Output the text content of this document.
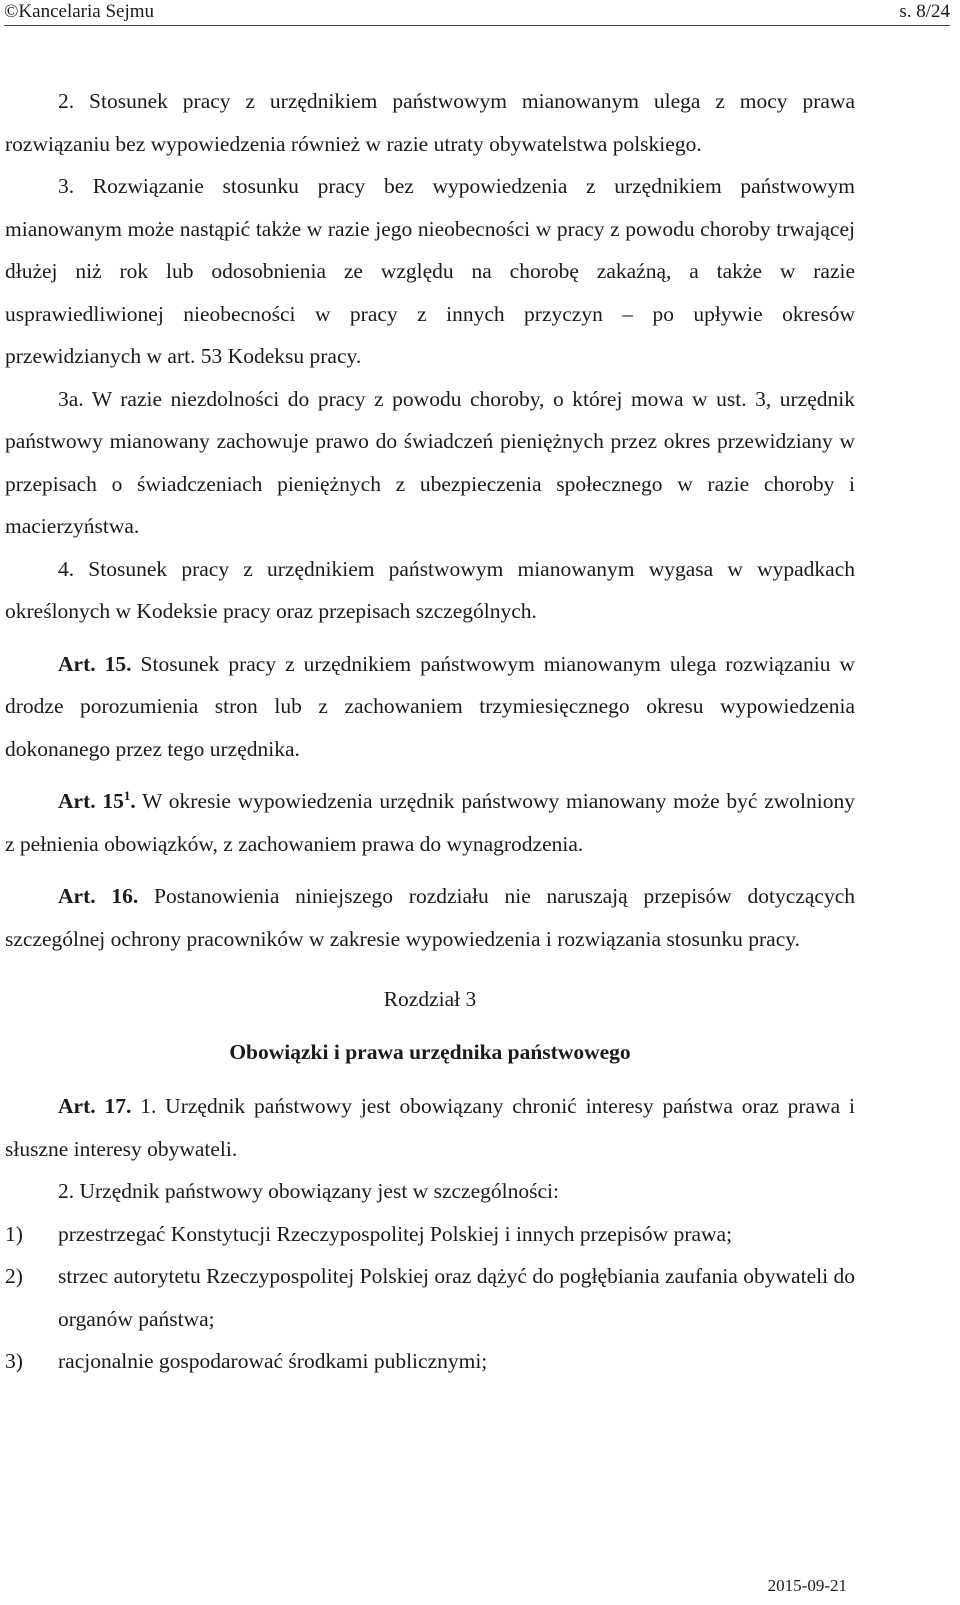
©Kancelaria Sejmu	s. 8/24

2. Stosunek pracy z urzędnikiem państwowym mianowanym ulega z mocy prawa rozwiązaniu bez wypowiedzenia również w razie utraty obywatelstwa polskiego.

3. Rozwiązanie stosunku pracy bez wypowiedzenia z urzędnikiem państwowym mianowanym może nastąpić także w razie jego nieobecności w pracy z powodu choroby trwającej dłużej niż rok lub odosobnienia ze względu na chorobę zakaźną, a także w razie usprawiedliwionej nieobecności w pracy z innych przyczyn – po upływie okresów przewidzianych w art. 53 Kodeksu pracy.

3a. W razie niezdolności do pracy z powodu choroby, o której mowa w ust. 3, urzędnik państwowy mianowany zachowuje prawo do świadczeń pieniężnych przez okres przewidziany w przepisach o świadczeniach pieniężnych z ubezpieczenia społecznego w razie choroby i macierzyństwa.

4. Stosunek pracy z urzędnikiem państwowym mianowanym wygasa w wypadkach określonych w Kodeksie pracy oraz przepisach szczególnych.

Art. 15. Stosunek pracy z urzędnikiem państwowym mianowanym ulega rozwiązaniu w drodze porozumienia stron lub z zachowaniem trzymiesięcznego okresu wypowiedzenia dokonanego przez tego urzędnika.

Art. $15^1$. W okresie wypowiedzenia urzędnik państwowy mianowany może być zwolniony z pełnienia obowiązków, z zachowaniem prawa do wynagrodzenia.

Art. 16. Postanowienia niniejszego rozdziału nie naruszają przepisów dotyczących szczególnej ochrony pracowników w zakresie wypowiedzenia i rozwiązania stosunku pracy.

Rozdział 3

Obowiązki i prawa urzędnika państwowego

Art. 17. 1. Urzędnik państwowy jest obowiązany chronić interesy państwa oraz prawa i słuszne interesy obywateli.

2. Urzędnik państwowy obowiązany jest w szczególności:

1)	przestrzegać Konstytucji Rzeczypospolitej Polskiej i innych przepisów prawa;
2)	strzec autorytetu Rzeczypospolitej Polskiej oraz dążyć do pogłębiania zaufania obywateli do organów państwa;
3)	racjonalnie gospodarować środkami publicznymi;
2015-09-21
